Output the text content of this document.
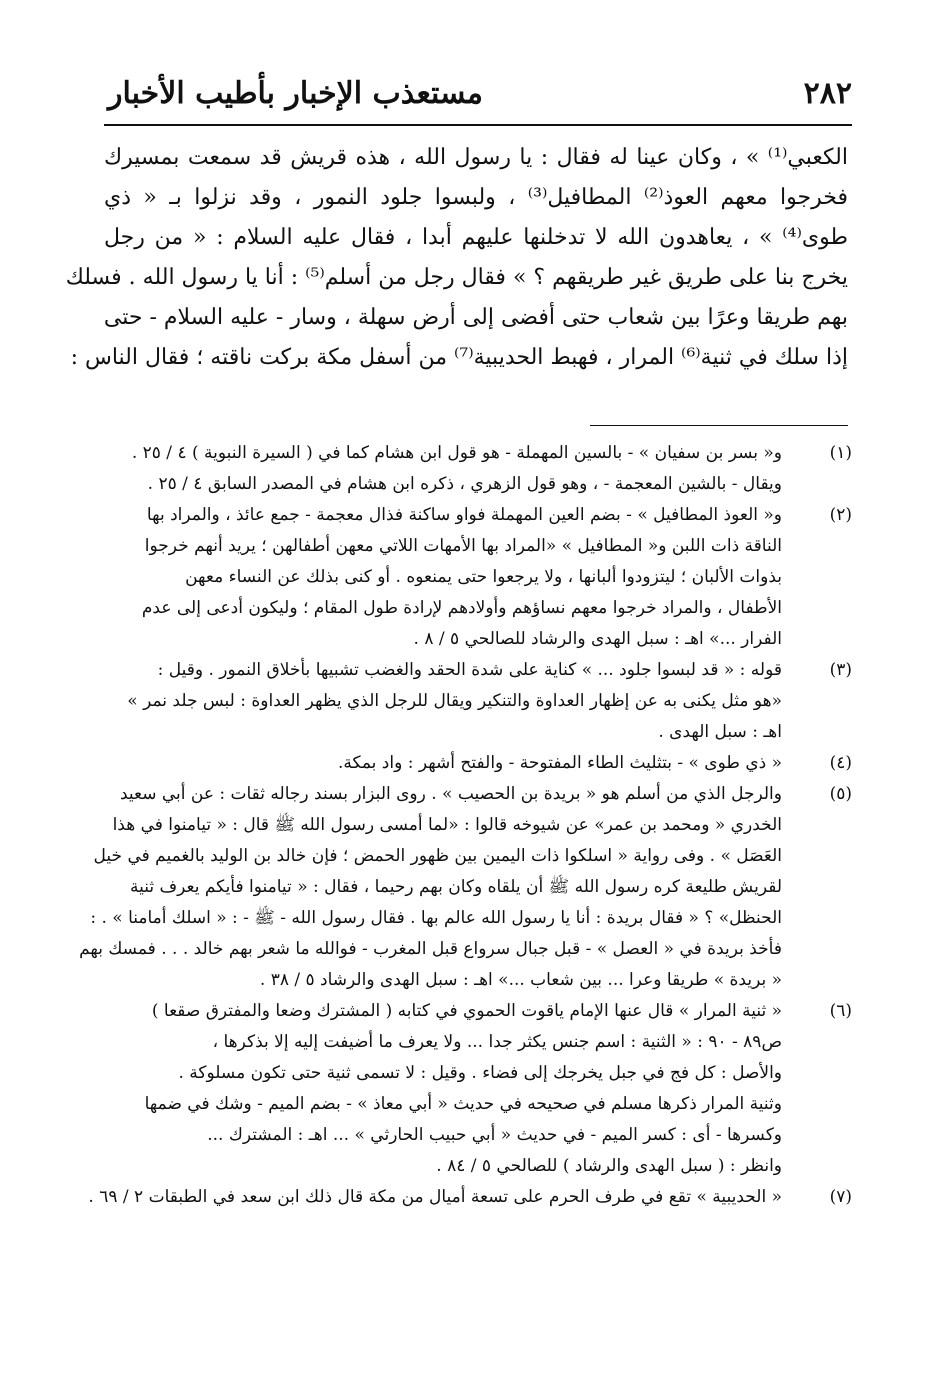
٢٨٢
مستعذب الإخبار بأطيب الأخبار
الكعبي⁽¹⁾ » ، وكان عينا له فقال : يا رسول الله ، هذه قريش قد سمعت بمسيرك
فخرجوا معهم العوذ⁽²⁾ المطافيل⁽³⁾ ، ولبسوا جلود النمور ، وقد نزلوا بـ « ذي
طوى⁽⁴⁾ » ، يعاهدون الله لا تدخلنها عليهم أبدا ، فقال عليه السلام : « من رجل
يخرج بنا على طريق غير طريقهم ؟ » فقال رجل من أسلم⁽⁵⁾ : أنا يا رسول الله . فسلك
بهم طريقا وعرًا بين شعاب حتى أفضى إلى أرض سهلة ، وسار - عليه السلام - حتى
إذا سلك في ثنية⁽⁶⁾ المرار ، فهبط الحديبية⁽⁷⁾ من أسفل مكة بركت ناقته ؛ فقال الناس :
(١)
و« بسر بن سفيان » - بالسين المهملة - هو قول ابن هشام كما في ( السيرة النبوية ) ٤ / ٢٥ .
ويقال - بالشين المعجمة - ، وهو قول الزهري ، ذكره ابن هشام في المصدر السابق ٤ / ٢٥ .
(٢)
و« العوذ المطافيل » - بضم العين المهملة فواو ساكنة فذال معجمة - جمع عائذ ، والمراد بها
الناقة ذات اللبن و« المطافيل » «المراد بها الأمهات اللاتي معهن أطفالهن ؛ يريد أنهم خرجوا
بذوات الألبان ؛ ليتزودوا ألبانها ، ولا يرجعوا حتى يمنعوه . أو كنى بذلك عن النساء معهن
الأطفال ، والمراد خرجوا معهم نساؤهم وأولادهم لإرادة طول المقام ؛ وليكون أدعى إلى عدم
الفرار ...» اهـ : سبل الهدى والرشاد للصالحي ٥ / ٨ .
(٣)
قوله : « قد لبسوا جلود ... » كناية على شدة الحقد والغضب تشبيها بأخلاق النمور . وقيل :
«هو مثل يكنى به عن إظهار العداوة والتنكير ويقال للرجل الذي يظهر العداوة : لبس جلد نمر »
اهـ : سبل الهدى .
(٤)
« ذي طوى » - بتثليث الطاء المفتوحة - والفتح أشهر : واد بمكة.
(٥)
والرجل الذي من أسلم هو « بريدة بن الحصيب » . روى البزار بسند رجاله ثقات : عن أبي سعيد
الخدري « ومحمد بن عمر» عن شيوخه قالوا : «لما أمسى رسول الله ﷺ قال : « تيامنوا في هذا
العَصَل » . وفى رواية « اسلكوا ذات اليمين بين ظهور الحمض ؛ فإن خالد بن الوليد بالغميم في خيل
لقريش طليعة كره رسول الله ﷺ أن يلقاه وكان بهم رحيما ، فقال : « تيامنوا فأيكم يعرف ثنية
الحنظل» ؟ « فقال بريدة : أنا يا رسول الله عالم بها . فقال رسول الله - ﷺ - : « اسلك أمامنا » . :
فأخذ بريدة في « العصل » - قبل جبال سرواع قبل المغرب - فوالله ما شعر بهم خالد . . . فمسك بهم
« بريدة » طريقا وعرا ... بين شعاب ...» اهـ : سبل الهدى والرشاد ٥ / ٣٨ .
(٦)
« ثنية المرار » قال عنها الإمام ياقوت الحموي في كتابه ( المشترك وضعا والمفترق صقعا )
ص٨٩ - ٩٠ : « الثنية : اسم جنس يكثر جدا ... ولا يعرف ما أضيفت إليه إلا بذكرها ،
والأصل : كل فج في جبل يخرجك إلى فضاء . وقيل : لا تسمى ثنية حتى تكون مسلوكة .
وثنية المرار ذكرها مسلم في صحيحه في حديث « أبي معاذ » - بضم الميم - وشك في ضمها
وكسرها - أى : كسر الميم - في حديث « أبي حبيب الحارثي » ... اهـ : المشترك ...
وانظر : ( سبل الهدى والرشاد ) للصالحي ٥ / ٨٤ .
(٧)
« الحديبية » تقع في طرف الحرم على تسعة أميال من مكة قال ذلك ابن سعد في الطبقات ٢ / ٦٩ .
